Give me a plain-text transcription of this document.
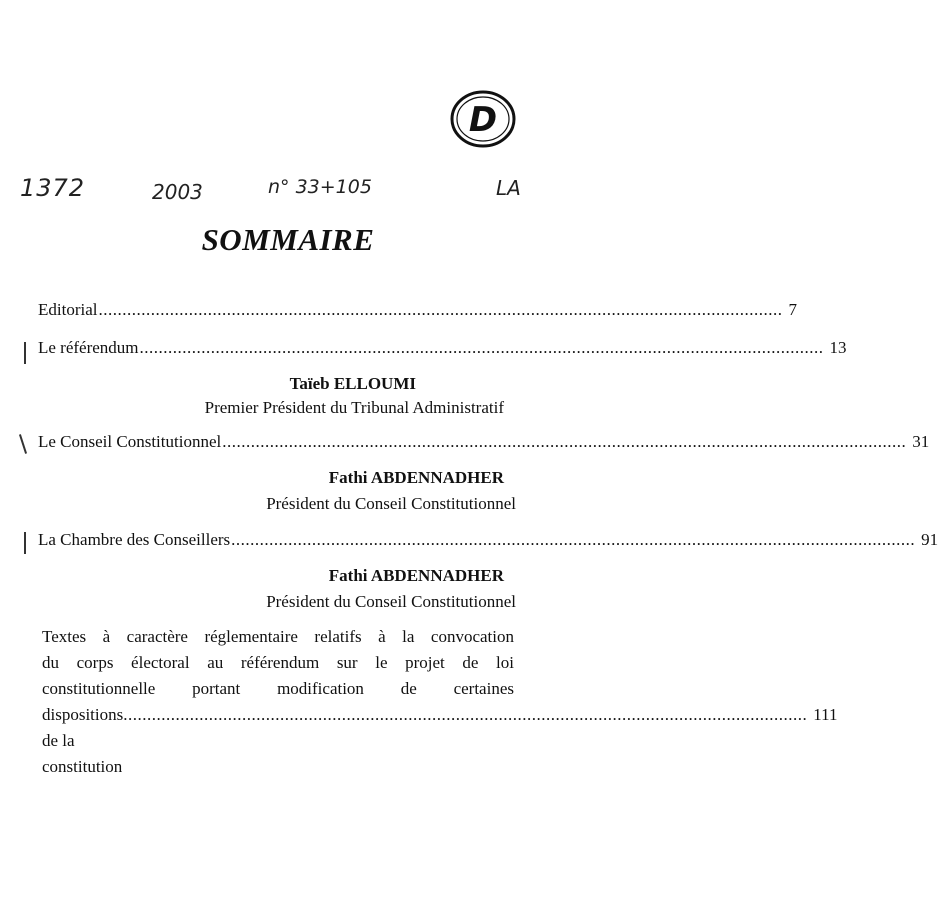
D
1372	2003	n° 33+105	LA
SOMMAIRE
Editorial ................................................................................................................................................ 7
Le référendum ................................................................................................................................................ 13
Taïeb ELLOUMI
Premier Président du Tribunal Administratif
Le Conseil Constitutionnel ................................................................................................................................................ 31
Fathi ABDENNADHER
Président du Conseil Constitutionnel
La Chambre des Conseillers ................................................................................................................................................ 91
Fathi ABDENNADHER
Président du Conseil Constitutionnel
Textes à caractère réglementaire relatifs à la convocation
du corps électoral au référendum sur le projet de loi
constitutionnelle portant modification de certaines
dispositions de la constitution
................................................................................................................................................ 111
